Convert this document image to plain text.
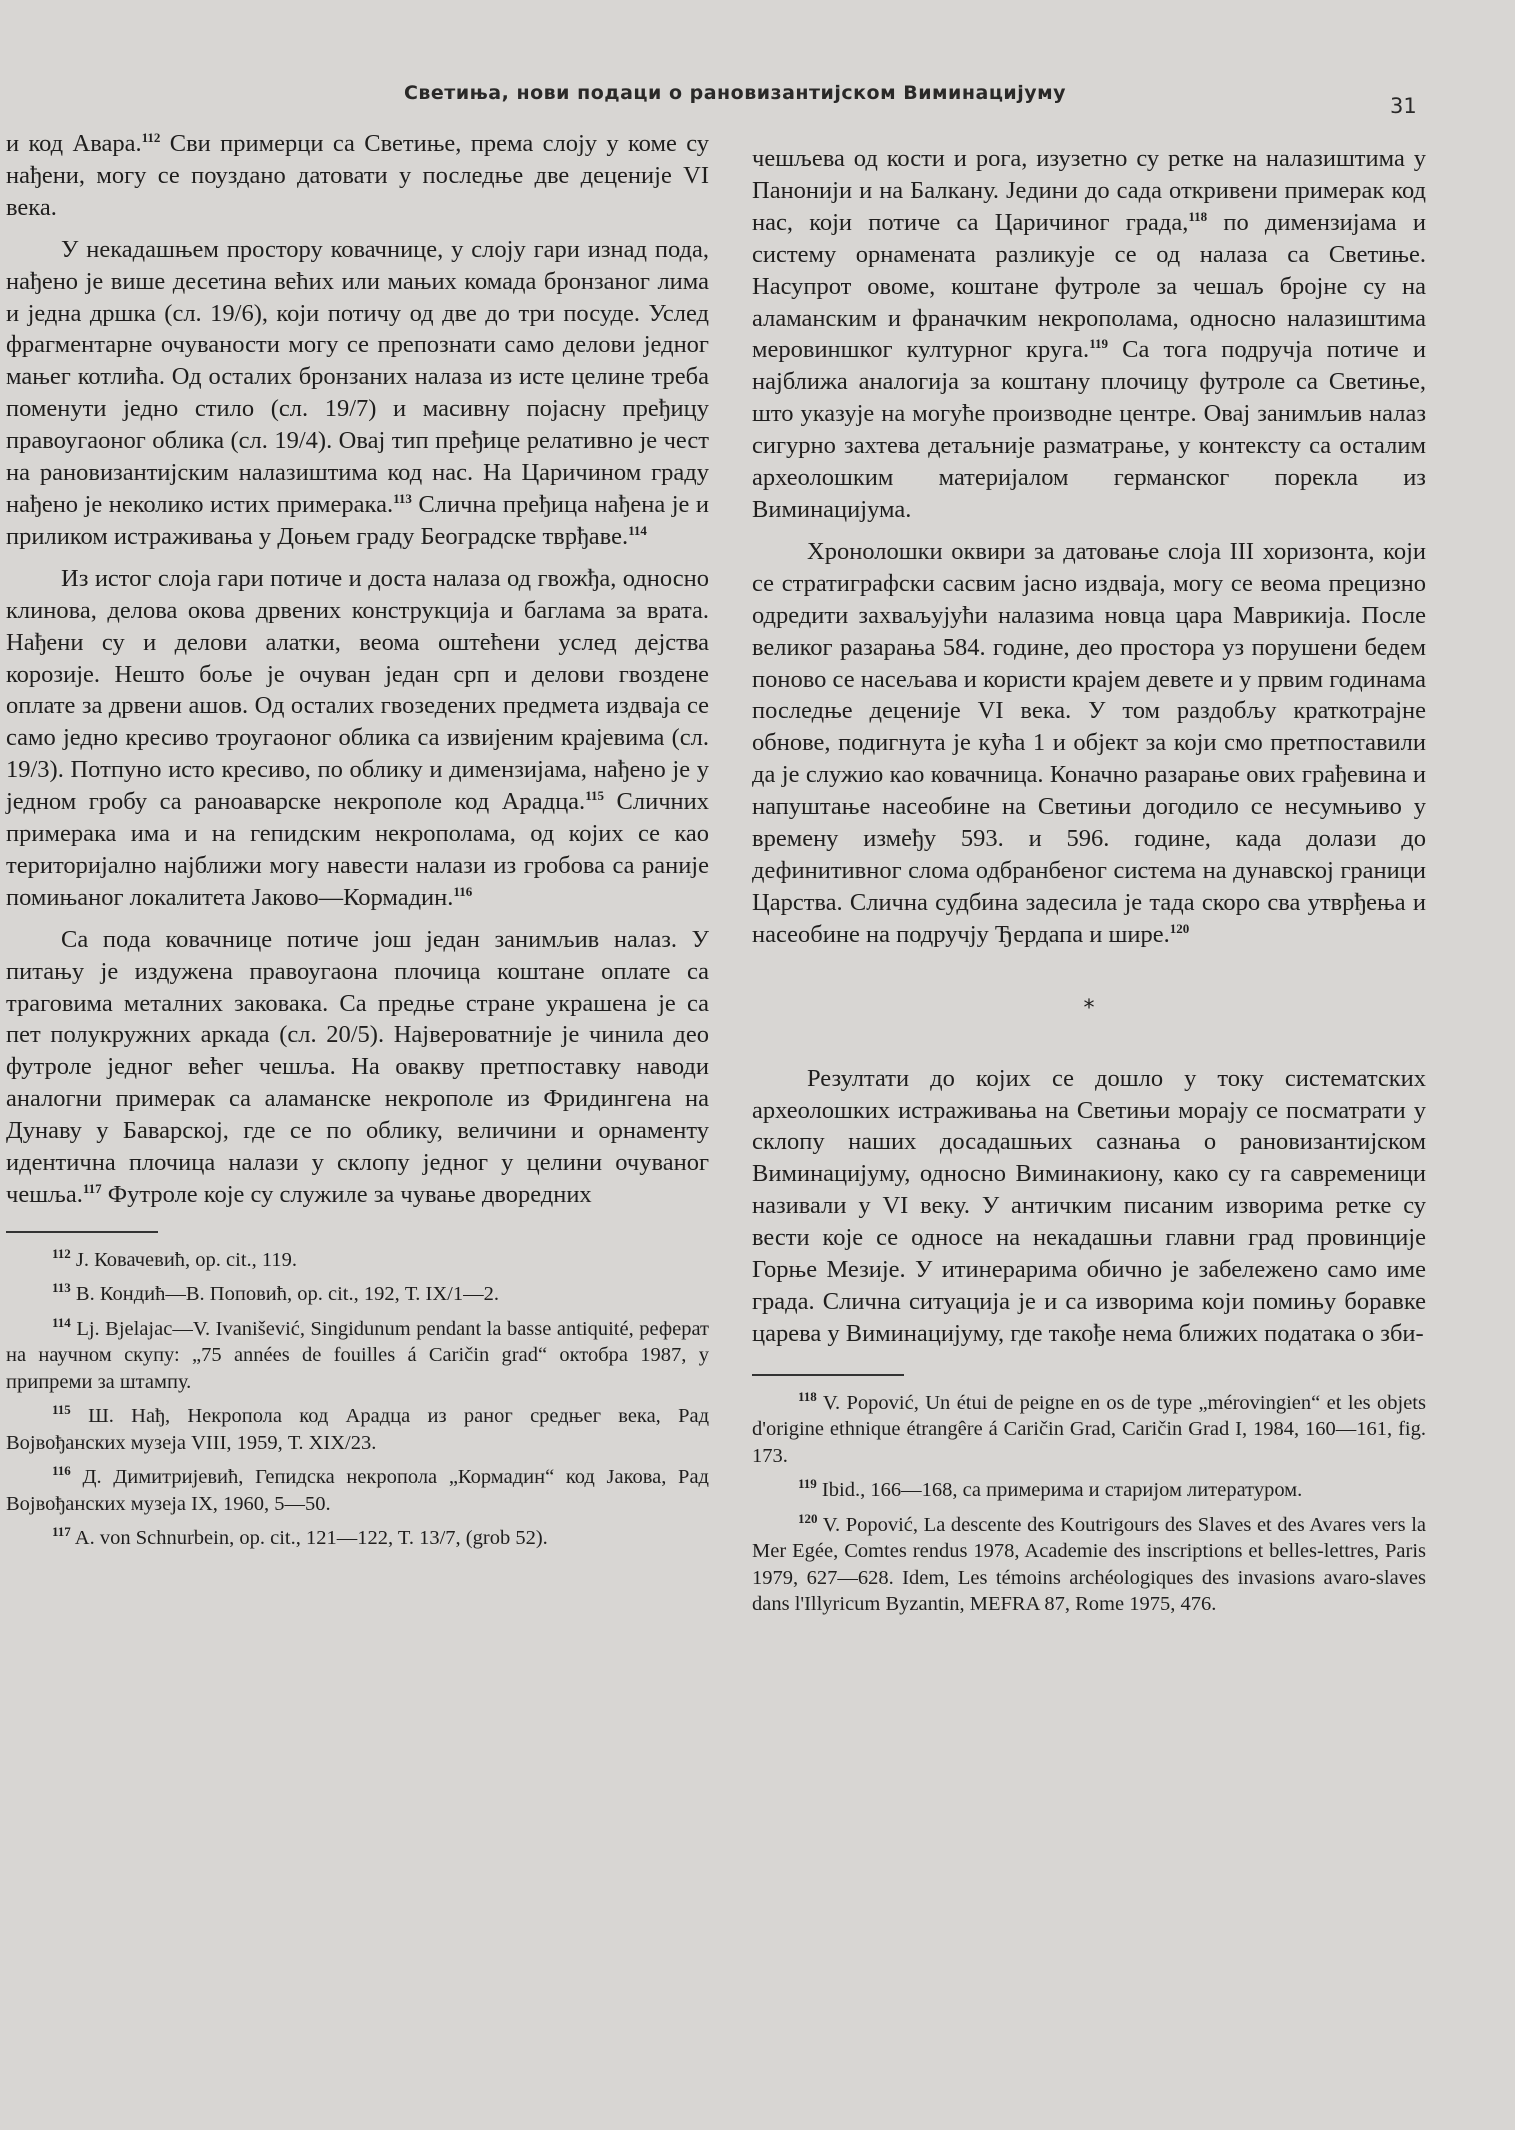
Светиња, нови подаци о рановизантијском Виминацијуму
31

и код Авара.$^{112}$ Сви примерци са Светиње, према слоју у коме су нађени, могу се поуздано датовати у последње две деценије VI века.

У некадашњем простору ковачнице, у слоју гари изнад пода, нађено је више десетина већих или мањих комада бронзаног лима и једна дршка (сл. 19/6), који потичу од две до три посуде. Услед фрагментарне очуваности могу се препознати само делови једног мањег котлића. Од осталих бронзаних налаза из исте целине треба поменути једно стило (сл. 19/7) и масивну појасну пређицу правоугаоног облика (сл. 19/4). Овај тип пређице релативно је чест на рановизантијским налазиштима код нас. На Царичином граду нађено је неколико истих примерака.$^{113}$ Слична пређица нађена је и приликом истраживања у Доњем граду Београдске тврђаве.$^{114}$

Из истог слоја гари потиче и доста налаза од гвожђа, односно клинова, делова окова дрвених конструкција и баглама за врата. Нађени су и делови алатки, веома оштећени услед дејства корозије. Нешто боље је очуван један срп и делови гвоздене оплате за дрвени ашов. Од осталих гвозедених предмета издваја се само једно кресиво троугаоног облика са извијеним крајевима (сл. 19/3). Потпуно исто кресиво, по облику и димензијама, нађено је у једном гробу са раноаварске некрополе код Арадца.$^{115}$ Сличних примерака има и на гепидским некрополама, од којих се као територијално најближи могу навести налази из гробова са раније помињаног локалитета Јаково—Кормадин.$^{116}$

Са пода ковачнице потиче још један занимљив налаз. У питању је издужена правоугаона плочица коштане оплате са траговима металних заковака. Са предње стране украшена је са пет полукружних аркада (сл. 20/5). Највероватније је чинила део футроле једног већег чешља. На овакву претпоставку наводи аналогни примерак са аламанске некрополе из Фридингена на Дунаву у Баварској, где се по облику, величини и орнаменту идентична плочица налази у склопу једног у целини очуваног чешља.$^{117}$ Футроле које су служиле за чување дворедних

$^{112}$ Ј. Ковачевић, op. cit., 119.

$^{113}$ В. Кондић—В. Поповић, op. cit., 192, Т. IX/1—2.

$^{114}$ Lj. Bjelajac—V. Ivanišević, Singidunum pendant la basse antiquité, реферат на научном скупу: „75 années de fouilles á Caričin grad“ октобра 1987, у припреми за штампу.

$^{115}$ Ш. Нађ, Некропола код Арадца из раног средњег века, Рад Војвођанских музеја VIII, 1959, Т. XIX/23.

$^{116}$ Д. Димитријевић, Гепидска некропола „Кормадин“ код Јакова, Рад Војвођанских музеја IX, 1960, 5—50.

$^{117}$ A. von Schnurbein, op. cit., 121—122, T. 13/7, (grob 52).

чешљева од кости и рога, изузетно су ретке на налазиштима у Панонији и на Балкану. Једини до сада откривени примерак код нас, који потиче са Царичиног града,$^{118}$ по димензијама и систему орнамената разликује се од налаза са Светиње. Насупрот овоме, коштане футроле за чешаљ бројне су на аламанским и франачким некрополама, односно налазиштима меровиншког културног круга.$^{119}$ Са тога подручја потиче и најближа аналогија за коштану плочицу футроле са Светиње, што указује на могуће производне центре. Овај занимљив налаз сигурно захтева детаљније разматрање, у контексту са осталим археолошким материјалом германског порекла из Виминацијума.

Хронолошки оквири за датовање слоја III хоризонта, који се стратиграфски сасвим јасно издваја, могу се веома прецизно одредити захваљујући налазима новца цара Маврикија. После великог разарања 584. године, део простора уз порушени бедем поново се насељава и користи крајем девете и у првим годинама последње деценије VI века. У том раздобљу краткотрајне обнове, подигнута је кућа 1 и објект за који смо претпоставили да је служио као ковачница. Коначно разарање ових грађевина и напуштање насеобине на Светињи догодило се несумњиво у времену између 593. и 596. године, када долази до дефинитивног слома одбранбеног система на дунавској граници Царства. Слична судбина задесила је тада скоро сва утврђења и насеобине на подручју Ђердапа и шире.$^{120}$

*

Резултати до којих се дошло у току систематских археолошких истраживања на Светињи морају се посматрати у склопу наших досадашњих сазнања о рановизантијском Виминацијуму, односно Виминакиону, како су га савременици називали у VI веку. У античким писаним изворима ретке су вести које се односе на некадашњи главни град провинције Горње Мезије. У итинерарима обично је забележено само име града. Слична ситуација је и са изворима који помињу боравке царева у Виминацијуму, где такође нема ближих података о зби-

$^{118}$ V. Popović, Un étui de peigne en os de type „mérovingien“ et les objets d'origine ethnique étrangêre á Caričin Grad, Caričin Grad I, 1984, 160—161, fig. 173.

$^{119}$ Ibid., 166—168, са примерима и старијом литературом.

$^{120}$ V. Popović, La descente des Koutrigours des Slaves et des Avares vers la Mer Egée, Comtes rendus 1978, Academie des inscriptions et belles-lettres, Paris 1979, 627—628. Idem, Les témoins archéologiques des invasions avaro-slaves dans l'Illyricum Byzantin, MEFRA 87, Rome 1975, 476.
